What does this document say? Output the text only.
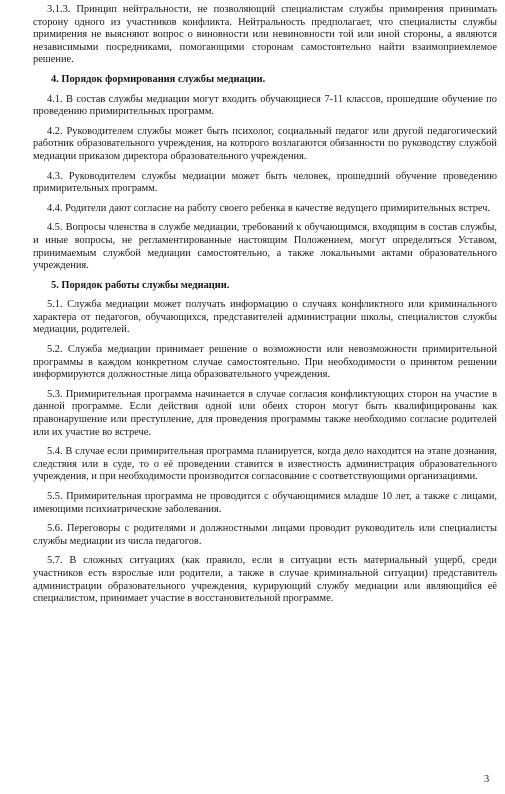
3.1.3. Принцип нейтральности, не позволяющий специалистам службы примирения принимать сторону одного из участников конфликта. Нейтральность предполагает, что специалисты службы примирения не выясняют вопрос о виновности или невиновности той или иной стороны, а являются независимыми посредниками, помогающими сторонам самостоятельно найти взаимоприемлемое решение.

4. Порядок формирования службы медиации.

4.1. В состав службы медиации могут входить обучающиеся 7-11 классов, прошедшие обучение по проведению примирительных программ.

4.2. Руководителем службы может быть психолог, социальный педагог или другой педагогический работник образовательного учреждения, на которого возлагаются обязанности по руководству службой медиации приказом директора образовательного учреждения.

4.3. Руководителем службы медиации может быть человек, прошедший обучение проведению примирительных программ.

4.4. Родители дают согласие на работу своего ребенка в качестве ведущего примирительных встреч.

4.5. Вопросы членства в службе медиации, требований к обучающимся, входящим в состав службы, и иные вопросы, не регламентированные настоящим Положением, могут определяться Уставом, принимаемым службой медиации самостоятельно, а также локальными актами образовательного учреждения.

5. Порядок работы службы медиации.

5.1. Служба медиации может получать информацию о случаях конфликтного или криминального характера от педагогов, обучающихся, представителей администрации школы, специалистов службы медиации, родителей.

5.2. Служба медиации принимает решение о возможности или невозможности примирительной программы в каждом конкретном случае самостоятельно. При необходимости о принятом решении информируются должностные лица образовательного учреждения.

5.3. Примирительная программа начинается в случае согласия конфликтующих сторон на участие в данной программе. Если действия одной или обеих сторон могут быть квалифицированы как правонарушение или преступление, для проведения программы также необходимо согласие родителей или их участие во встрече.

5.4. В случае если примирительная программа планируется, когда дело находится на этапе дознания, следствия или в суде, то о её проведении ставится в известность администрация образовательного учреждения, и при необходимости производится согласование с соответствующими организациями.

5.5. Примирительная программа не проводится с обучающимися младше 10 лет, а также с лицами, имеющими психиатрические заболевания.

5.6. Переговоры с родителями и должностными лицами проводит руководитель или специалисты службы медиации из числа педагогов.

5.7. В сложных ситуациях (как правило, если в ситуации есть материальный ущерб, среди участников есть взрослые или родители, а также в случае криминальной ситуации) представитель администрации образовательного учреждения, курирующий службу медиации или являющийся её специалистом, принимает участие в восстановительной программе.

3
